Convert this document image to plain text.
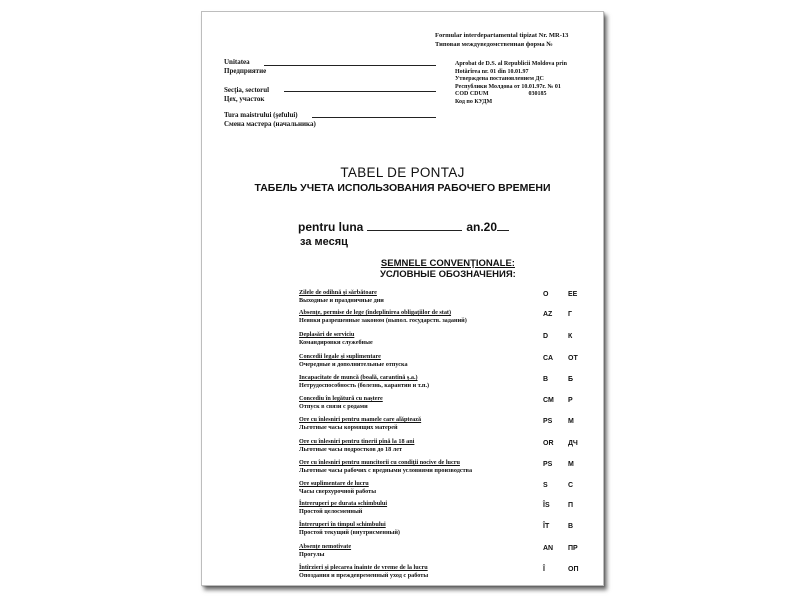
Formular interdepartamental tipizat Nr. MR-13
Типовая междуведомственная форма №
Unitatea
Предприятие
Secţia, sectorul
Цех, участок
Tura maistrului (şefului)
Смена мастера (начальника)
Aprobat de D.S. al Republicii Moldova prin
Hotărîrea nr. 01 din 10.01.97
Утверждена постановлением ДС
Республики Молдова от 10.01.97г. № 01
COD CDUM	030185
Код по КУДМ
TABEL DE PONTAJ
ТАБЕЛЬ УЧЕТА ИСПОЛЬЗОВАНИЯ РАБОЧЕГО ВРЕМЕНИ
pentru luna	an.20
за месяц
SEMNELE CONVENŢIONALE:
УСЛОВНЫЕ ОБОЗНАЧЕНИЯ:
Zilele de odihnă şi sărbătoare
Выходные и праздничные дни
O	ЕЕ
Absenţe, permise de lege (îndeplinirea obligaţiilor de stat)
Неявки разрешенные законом (выпол. государств. заданий)
AZ Г
Deplasări de serviciu
Командировки служебные
D	К
Concedii legale şi suplimentare
Очередные и дополнительные отпуска
CA ОТ
Incapacitate de muncă (boală, carantină ş.a.)
Нетрудоспособность (болезнь, карантин и т.п.)
B	Б
Concediu în legătură cu naştere
Отпуск в связи с родами
CM Р
Ore cu înlesniri pentru mamele care alăptează
Льготные часы кормящих матерей
PS М
Ore cu înlesniri pentru tinerii pînă la 18 ani
Льготные часы подростков до 18 лет
OR ДЧ
Ore cu înlesniri pentru muncitorii cu condiţii nocive de lucru
Льготные часы рабочих с вредными условиями производства
PS М
Ore suplimentare de lucru
Часы сверхурочной работы
S	С
Întreruperi pe durata schimbului
Простой целосменный
ÎS	П
Întreruperi în timpul schimbului
Простой текущий (внутрисменный)
ÎT	В
Absenţe nemotivate
Прогулы
AN ПР
Întîrzieri şi plecarea înainte de vreme de la lucru
Опоздания и преждевременный уход с работы
Î	ОП
